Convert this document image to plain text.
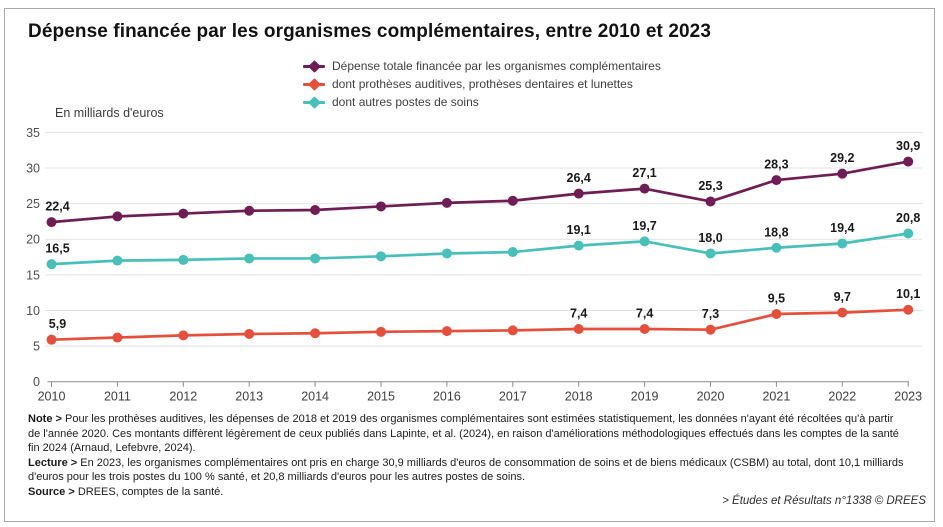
0
5
10
15
20
25
30
35
2010	2011	2012	2013	2014	2015	2016	2017	2018	2019	2020	2021	2022	2023
22,4
26,4	27,1
25,3
28,3	29,2
30,9
5,9
7,4	7,4	7,3
9,5	9,7	10,1
16,5
19,1	19,7
18,0	18,8	19,4
20,8
Dépense financée par les organismes complémentaires, entre 2010 et 2023
Dépense totale financée par les organismes complémentaires
dont prothèses auditives, prothèses dentaires et lunettes
dont autres postes de soins
En milliards d'euros

Note > Pour les prothèses auditives, les dépenses de 2018 et 2019 des organismes complémentaires sont estimées statistiquement, les données n'ayant été récoltées qu'à partir de l'année 2020. Ces montants diffèrent légèrement de ceux publiés dans Lapinte, et al. (2024), en raison d'améliorations méthodologiques effectués dans les comptes de la santé fin 2024 (Arnaud, Lefebvre, 2024).

Lecture > En 2023, les organismes complémentaires ont pris en charge 30,9 milliards d'euros de consommation de soins et de biens médicaux (CSBM) au total, dont 10,1 milliards d'euros pour les trois postes du 100 % santé, et 20,8 milliards d'euros pour les autres postes de soins.

Source > DREES, comptes de la santé.

> Études et Résultats n°1338 © DREES
